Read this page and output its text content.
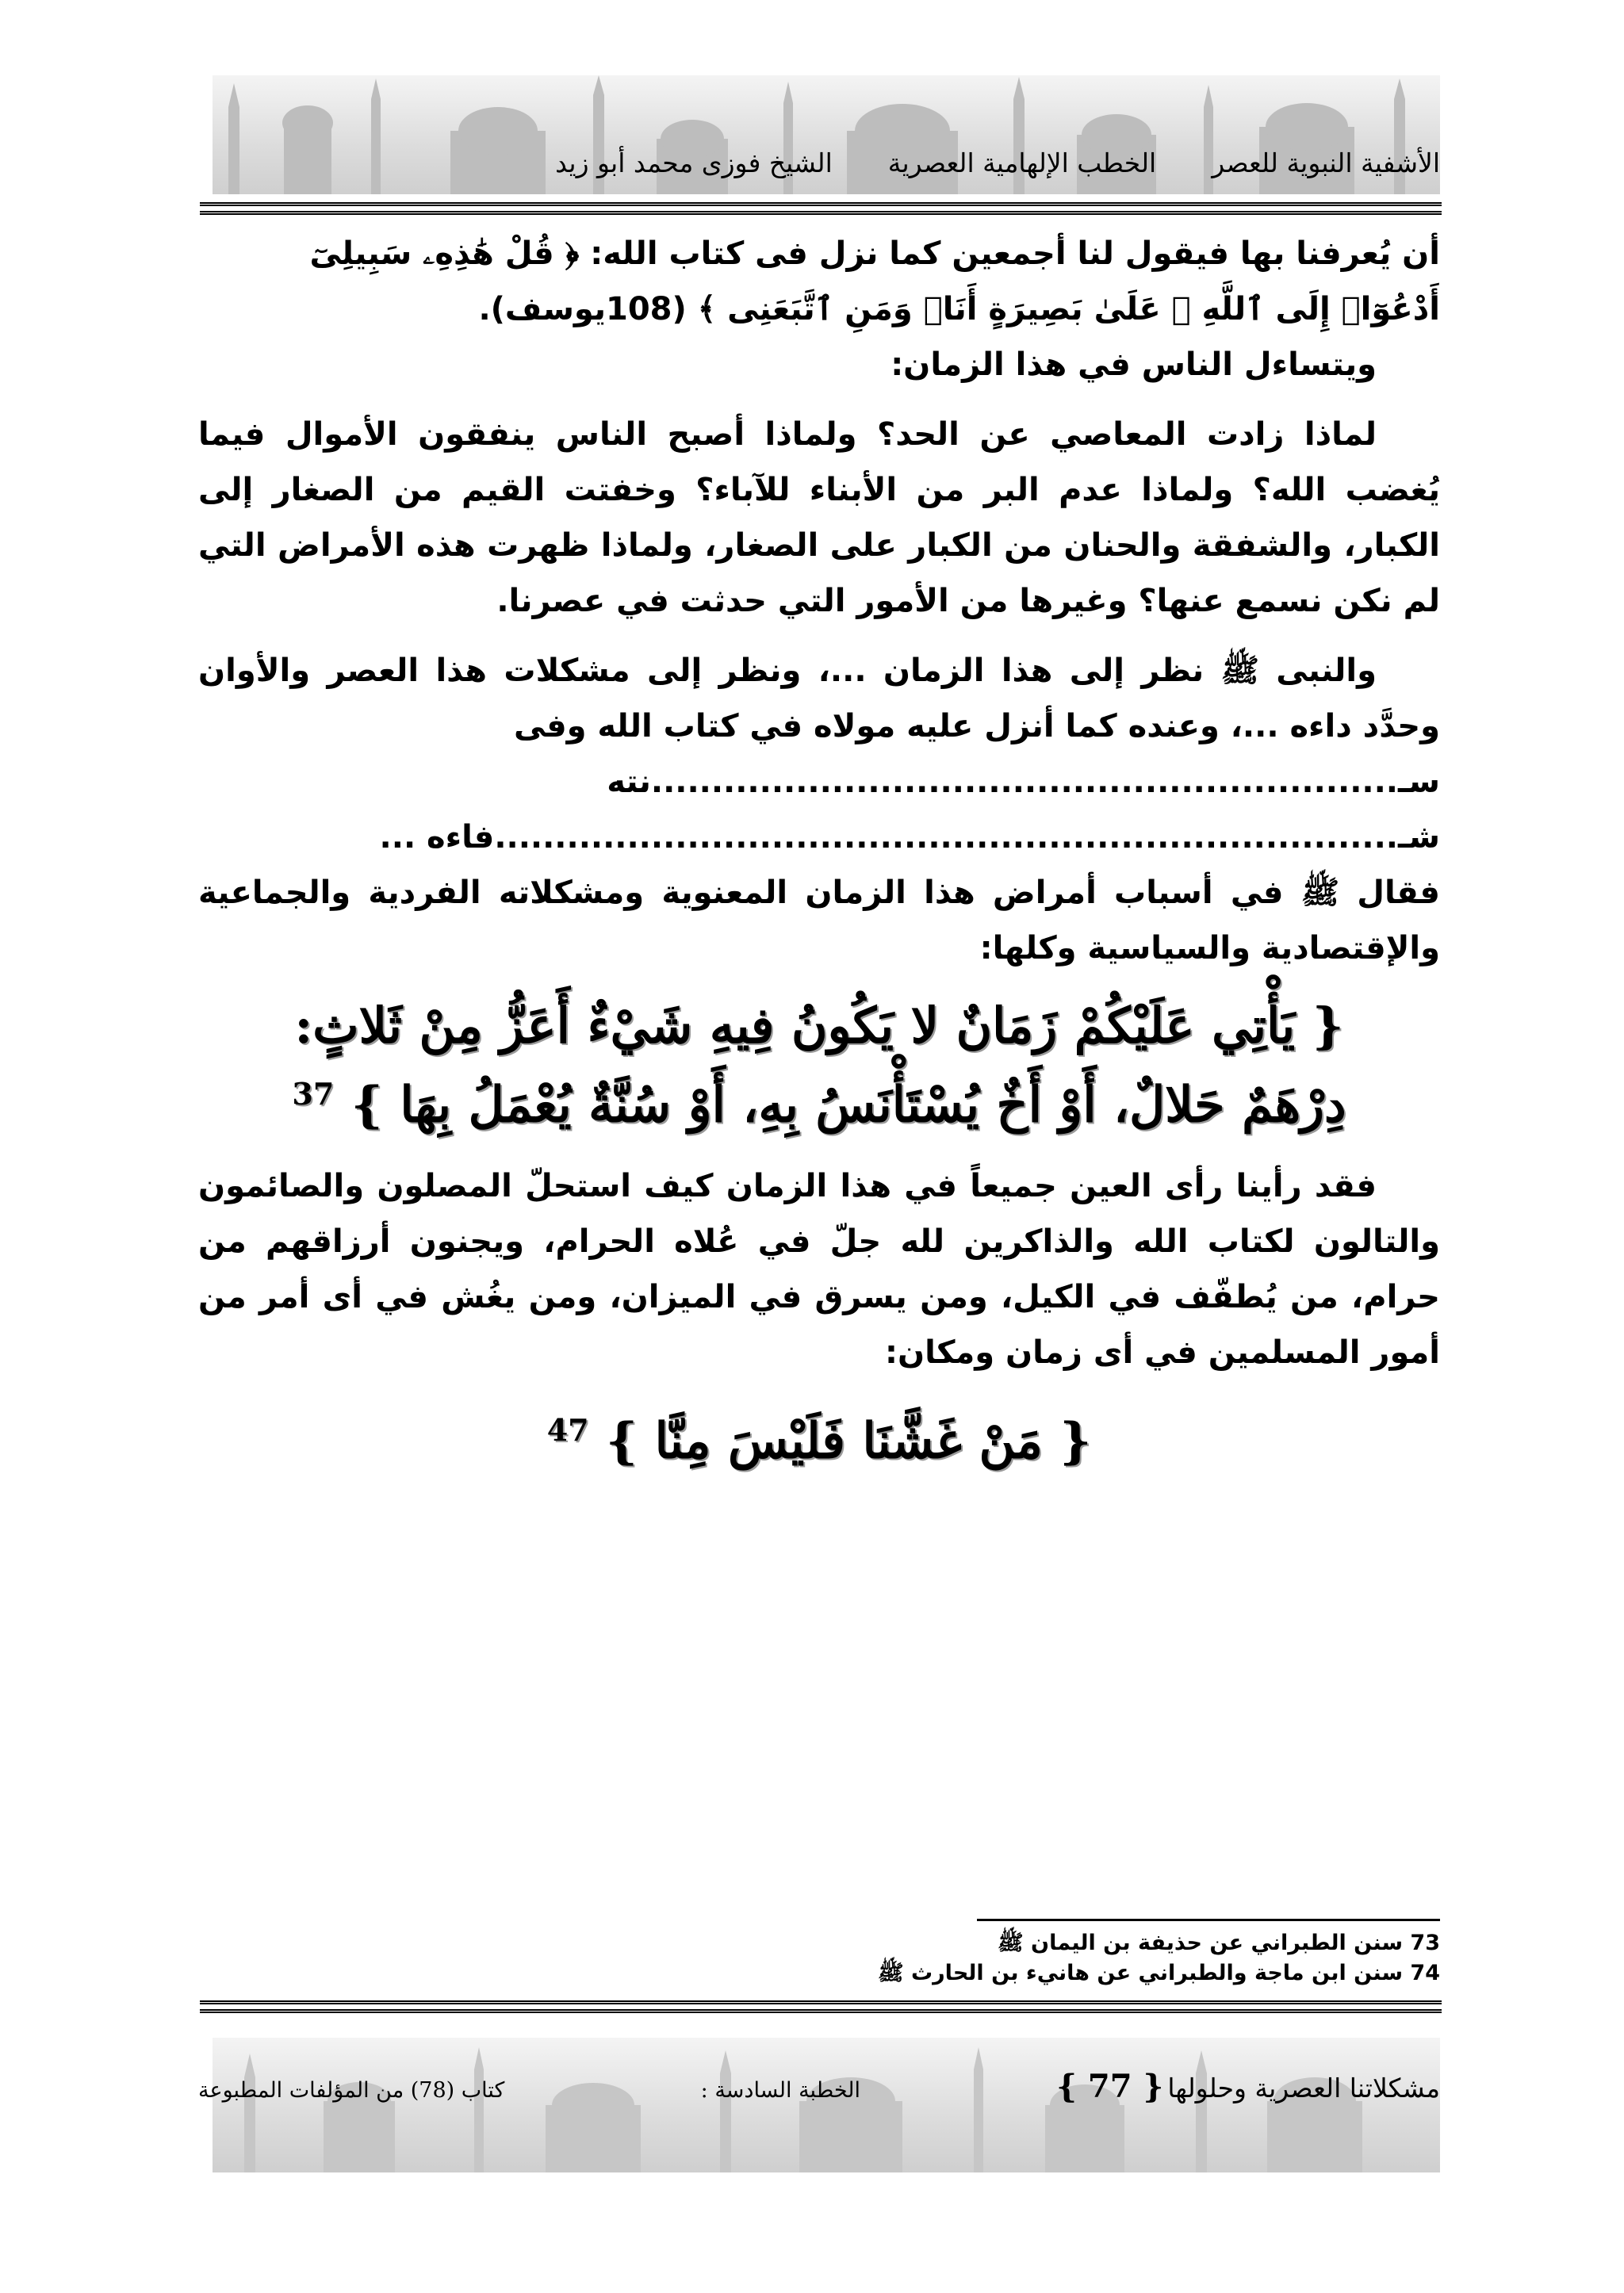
الأشفية النبوية للعصر
الخطب الإلهامية العصرية
الشيخ فوزى محمد أبو زيد

أن يُعرفنا بها فيقول لنا أجمعين كما نزل فى كتاب الله: ﴿ قُلْ هَٰذِهِۦ سَبِيلِىٓ

أَدْعُوٓا۟ إِلَى ٱللَّهِ ۚ عَلَىٰ بَصِيرَةٍ أَنَا۠ وَمَنِ ٱتَّبَعَنِى ﴾ (108يوسف).

ويتساءل الناس في هذا الزمان:

لماذا زادت المعاصي عن الحد؟ ولماذا أصبح الناس ينفقون الأموال فيما يُغضب الله؟ ولماذا عدم البر من الأبناء للآباء؟ وخفتت القيم من الصغار إلى الكبار، والشفقة والحنان من الكبار على الصغار، ولماذا ظهرت هذه الأمراض التي لم نكن نسمع عنها؟ وغيرها من الأمور التي حدثت في عصرنا.

والنبى ﷺ نظر إلى هذا الزمان ...، ونظر إلى مشكلات هذا العصر والأوان وحدَّد داءه ...، وعنده كما أنزل عليه مولاه في كتاب الله وفى

سـ..............................................................نته شـ...........................................................................فاءه ...

فقال ﷺ في أسباب أمراض هذا الزمان المعنوية ومشكلاته الفردية والجماعية والإقتصادية والسياسية وكلها:

{ يَأْتِي عَلَيْكُمْ زَمَانٌ لا يَكُونُ فِيهِ شَيْءٌ أَعَزُّ مِنْ ثَلاثٍ:
دِرْهَمٌ حَلالٌ، أَوْ أَخٌ يُسْتَأْنَسُ بِهِ، أَوْ سُنَّةٌ يُعْمَلُ بِهَا } $^{37}$

فقد رأينا رأى العين جميعاً في هذا الزمان كيف استحلّ المصلون والصائمون والتالون لكتاب الله والذاكرين لله جلّ في عُلاه الحرام، ويجنون أرزاقهم من حرام، من يُطفّف في الكيل، ومن يسرق في الميزان، ومن يغُش في أى أمر من أمور المسلمين في أى زمان ومكان:

{ مَنْ غَشَّنَا فَلَيْسَ مِنَّا } $^{47}$

73 سنن الطبراني عن حذيفة بن اليمان ﷺ

74 سنن ابن ماجة والطبراني عن هانيء بن الحارث ﷺ

مشكلاتنا العصرية وحلولها { 77 }
الخطبة السادسة :
كتاب (78) من المؤلفات المطبوعة
